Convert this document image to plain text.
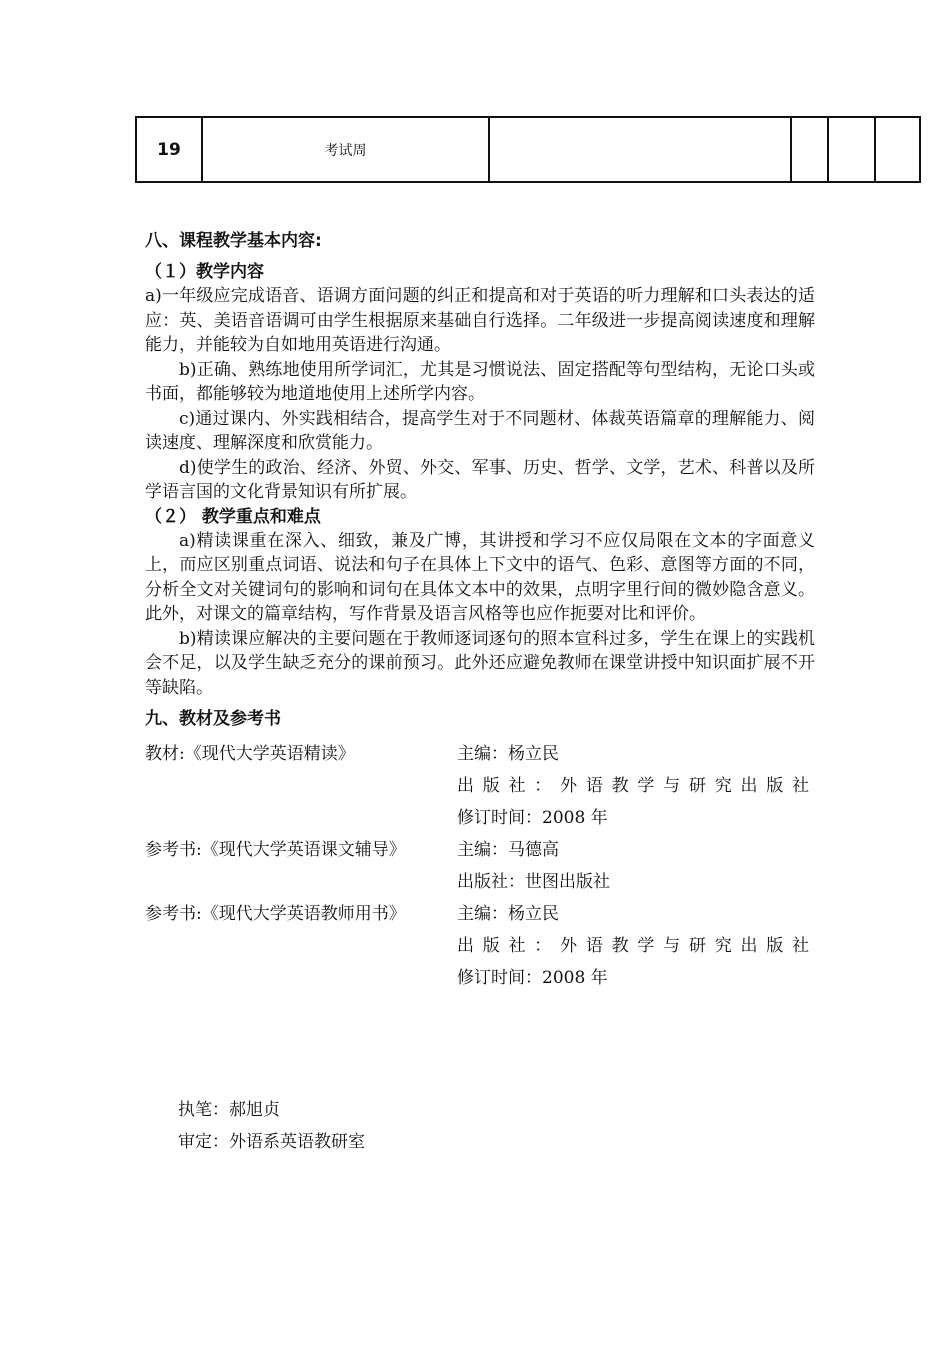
19	考试周				
八、课程教学基本内容:
（１）教学内容

a)一年级应完成语音、语调方面问题的纠正和提高和对于英语的听力理解和口头表达的适应：英、美语音语调可由学生根据原来基础自行选择。二年级进一步提高阅读速度和理解能力，并能较为自如地用英语进行沟通。

b)正确、熟练地使用所学词汇，尤其是习惯说法、固定搭配等句型结构，无论口头或书面，都能够较为地道地使用上述所学内容。

c)通过课内、外实践相结合，提高学生对于不同题材、体裁英语篇章的理解能力、阅读速度、理解深度和欣赏能力。

d)使学生的政治、经济、外贸、外交、军事、历史、哲学、文学，艺术、科普以及所学语言国的文化背景知识有所扩展。

（２） 教学重点和难点

a)精读课重在深入、细致，兼及广博，其讲授和学习不应仅局限在文本的字面意义上，而应区别重点词语、说法和句子在具体上下文中的语气、色彩、意图等方面的不同，分析全文对关键词句的影响和词句在具体文本中的效果，点明字里行间的微妙隐含意义。此外，对课文的篇章结构，写作背景及语言风格等也应作扼要对比和评价。

b)精读课应解决的主要问题在于教师逐词逐句的照本宣科过多，学生在课上的实践机会不足，以及学生缺乏充分的课前预习。此外还应避免教师在课堂讲授中知识面扩展不开等缺陷。

九、教材及参考书
教材:《现代大学英语精读》	主编：杨立民
出版社：外语教学与研究出版社
修订时间：2008 年
参考书:《现代大学英语课文辅导》	主编：马德高
出版社：世图出版社
参考书:《现代大学英语教师用书》	主编：杨立民
出版社：外语教学与研究出版社
修订时间：2008 年
执笔：郝旭贞
审定：外语系英语教研室
